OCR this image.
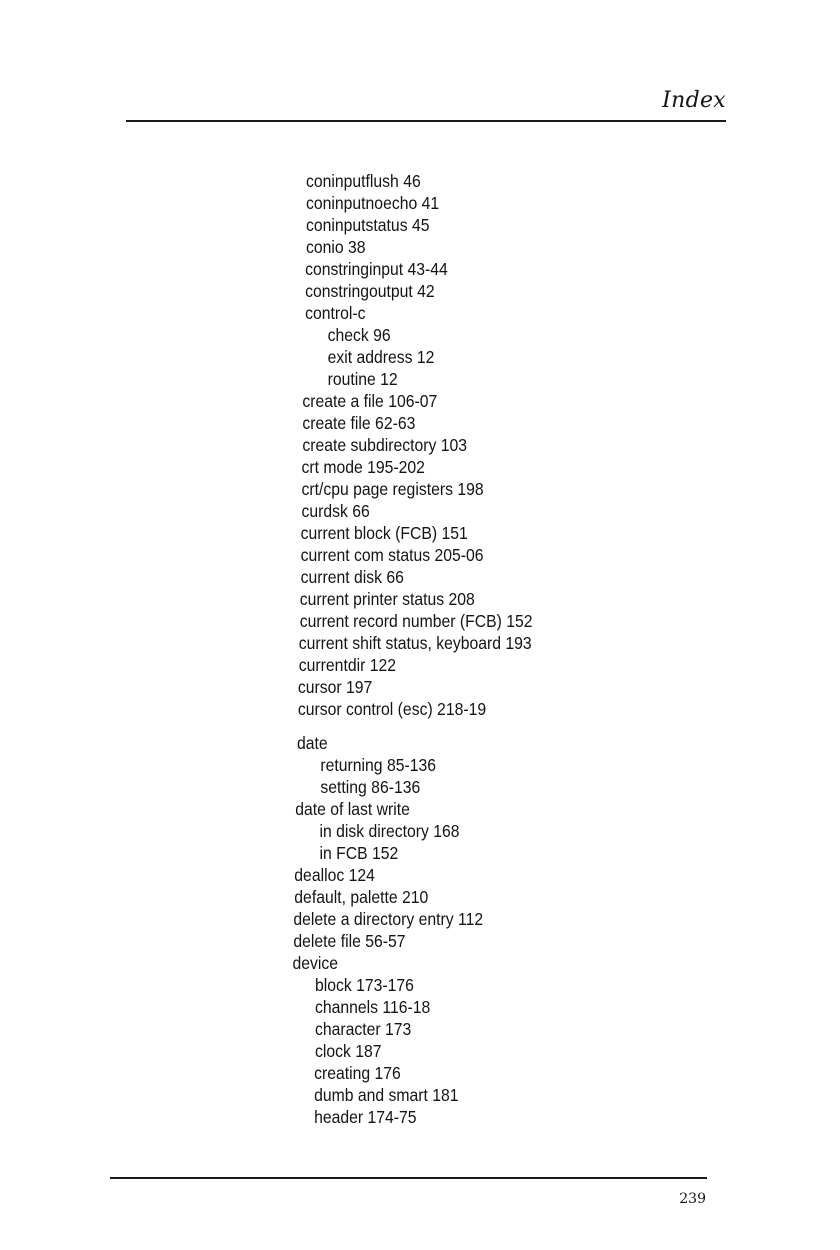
Index
coninputflush 46
coninputnoecho 41
coninputstatus 45
conio 38
constringinput 43-44
constringoutput 42
control-c
check 96
exit address 12
routine 12
create a file 106-07
create file 62-63
create subdirectory 103
crt mode 195-202
crt/cpu page registers 198
curdsk 66
current block (FCB) 151
current com status 205-06
current disk 66
current printer status 208
current record number (FCB) 152
current shift status, keyboard 193
currentdir 122
cursor 197
cursor control (esc) 218-19
date
returning 85-136
setting 86-136
date of last write
in disk directory 168
in FCB 152
dealloc 124
default, palette 210
delete a directory entry 112
delete file 56-57
device
block 173-176
channels 116-18
character 173
clock 187
creating 176
dumb and smart 181
header 174-75
239
